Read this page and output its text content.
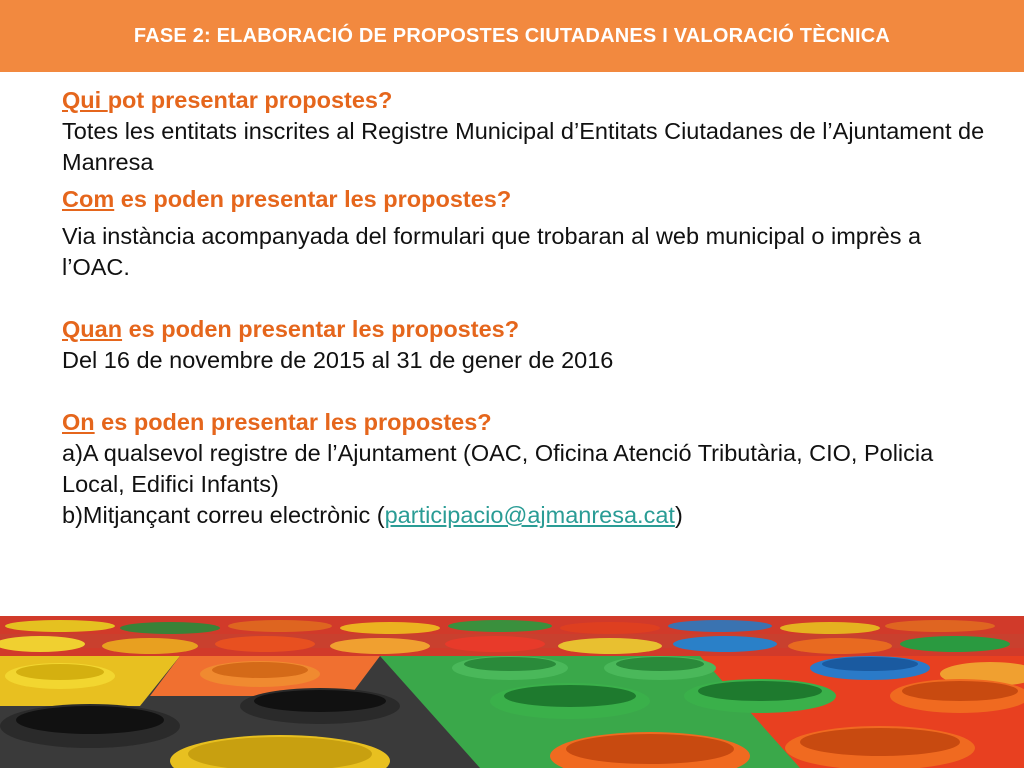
FASE 2: ELABORACIÓ DE PROPOSTES CIUTADANES I VALORACIÓ TÈCNICA

Qui pot presentar propostes?

Totes les entitats inscrites al Registre Municipal d’Entitats Ciutadanes de l’Ajuntament de Manresa

Com es poden presentar les propostes?

Via instància acompanyada del formulari que trobaran al web municipal o imprès a l’OAC.

Quan es poden presentar les propostes?

Del 16 de novembre de 2015 al 31 de gener de 2016

On es poden presentar les propostes?

a)A qualsevol registre de l’Ajuntament (OAC, Oficina Atenció Tributària, CIO, Policia Local, Edifici Infants)

b)Mitjançant correu electrònic (participacio@ajmanresa.cat)
